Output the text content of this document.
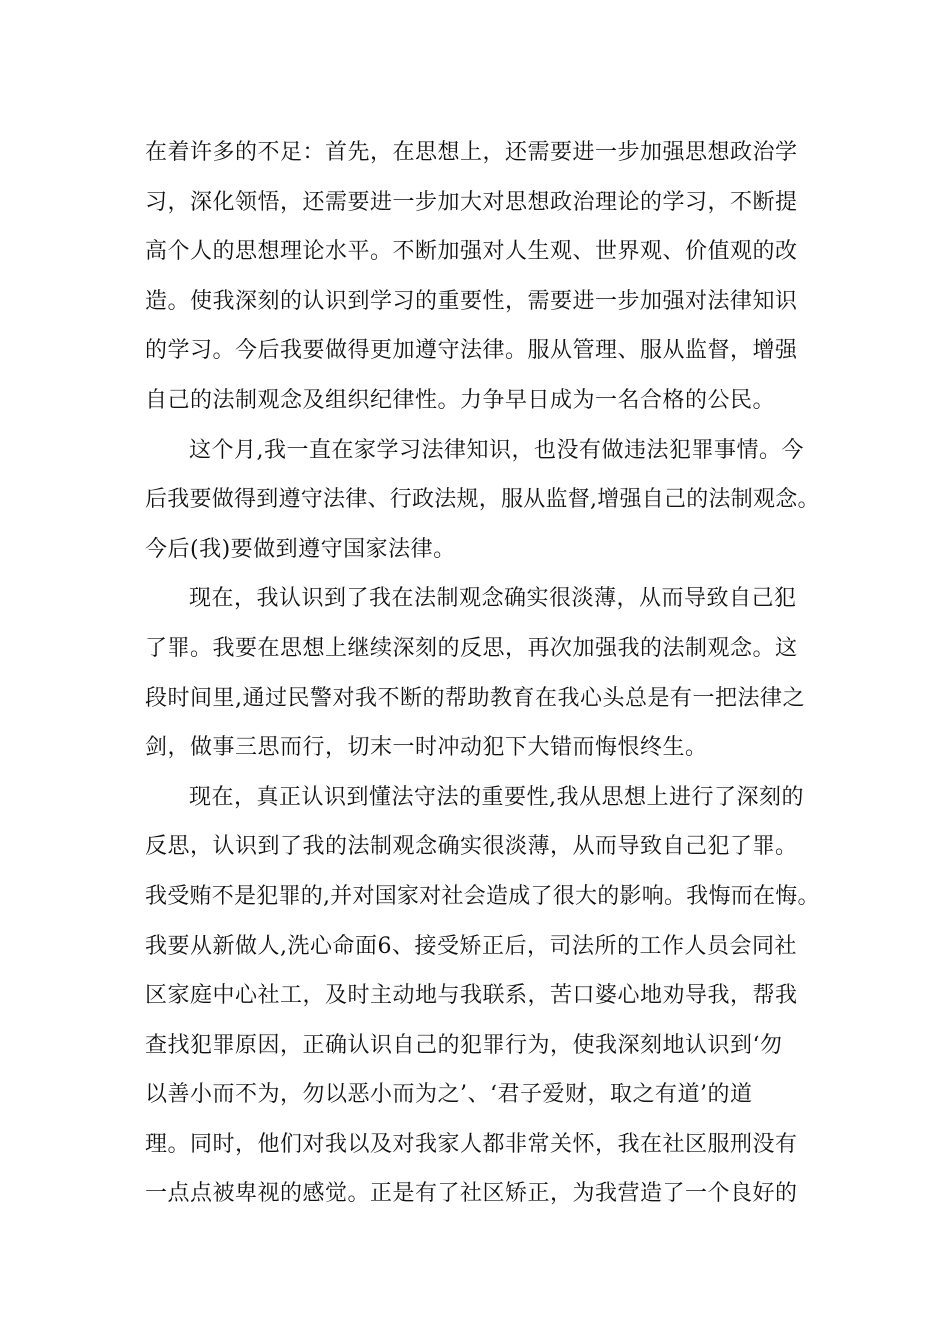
在着许多的不足：首先，在思想上，还需要进一步加强思想政治学
习，深化领悟，还需要进一步加大对思想政治理论的学习，不断提
高个人的思想理论水平。不断加强对人生观、世界观、价值观的改
造。使我深刻的认识到学习的重要性，需要进一步加强对法律知识
的学习。今后我要做得更加遵守法律。服从管理、服从监督，增强
自己的法制观念及组织纪律性。力争早日成为一名合格的公民。
这个月,我一直在家学习法律知识，也没有做违法犯罪事情。今
后我要做得到遵守法律、行政法规，服从监督,增强自己的法制观念。
今后(我)要做到遵守国家法律。
现在，我认识到了我在法制观念确实很淡薄，从而导致自己犯
了罪。我要在思想上继续深刻的反思，再次加强我的法制观念。这
段时间里,通过民警对我不断的帮助教育在我心头总是有一把法律之
剑，做事三思而行，切末一时冲动犯下大错而悔恨终生。
现在，真正认识到懂法守法的重要性,我从思想上进行了深刻的
反思，认识到了我的法制观念确实很淡薄，从而导致自己犯了罪。
我受贿不是犯罪的,并对国家对社会造成了很大的影响。我悔而在悔。
我要从新做人,洗心命面6、接受矫正后，司法所的工作人员会同社
区家庭中心社工，及时主动地与我联系，苦口婆心地劝导我，帮我
查找犯罪原因，正确认识自己的犯罪行为，使我深刻地认识到‘勿
以善小而不为，勿以恶小而为之’、‘君子爱财，取之有道’的道
理。同时，他们对我以及对我家人都非常关怀，我在社区服刑没有
一点点被卑视的感觉。正是有了社区矫正，为我营造了一个良好的
